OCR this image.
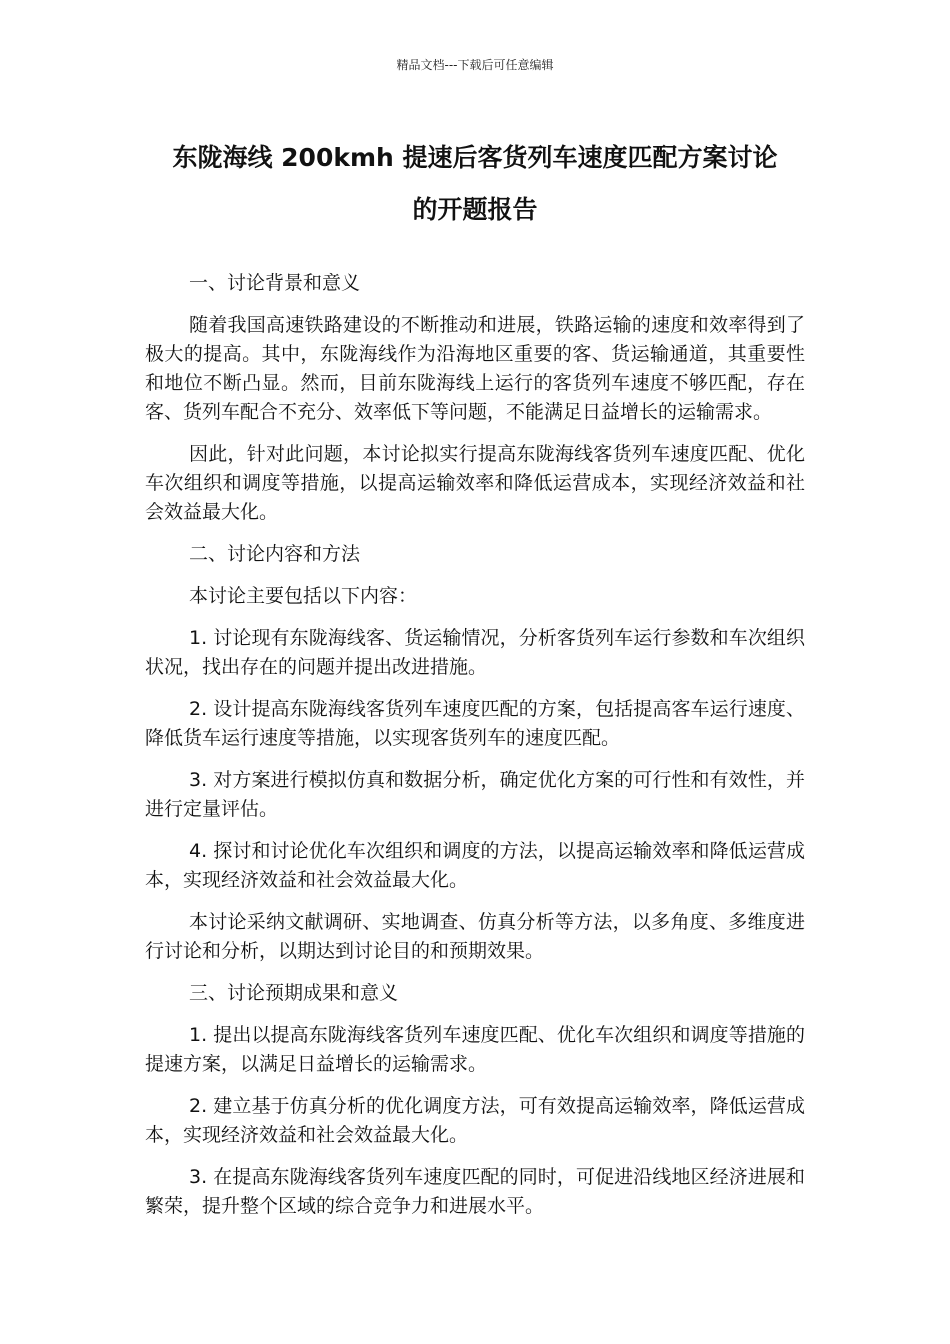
精品文档---下载后可任意编辑
东陇海线 200kmh 提速后客货列车速度匹配方案讨论
的开题报告

一、讨论背景和意义

随着我国高速铁路建设的不断推动和进展，铁路运输的速度和效率得到了极大的提高。其中，东陇海线作为沿海地区重要的客、货运输通道，其重要性和地位不断凸显。然而，目前东陇海线上运行的客货列车速度不够匹配，存在客、货列车配合不充分、效率低下等问题，不能满足日益增长的运输需求。

因此，针对此问题，本讨论拟实行提高东陇海线客货列车速度匹配、优化车次组织和调度等措施，以提高运输效率和降低运营成本，实现经济效益和社会效益最大化。

二、讨论内容和方法

本讨论主要包括以下内容：

1. 讨论现有东陇海线客、货运输情况，分析客货列车运行参数和车次组织状况，找出存在的问题并提出改进措施。

2. 设计提高东陇海线客货列车速度匹配的方案，包括提高客车运行速度、降低货车运行速度等措施，以实现客货列车的速度匹配。

3. 对方案进行模拟仿真和数据分析，确定优化方案的可行性和有效性，并进行定量评估。

4. 探讨和讨论优化车次组织和调度的方法，以提高运输效率和降低运营成本，实现经济效益和社会效益最大化。

本讨论采纳文献调研、实地调查、仿真分析等方法，以多角度、多维度进行讨论和分析，以期达到讨论目的和预期效果。

三、讨论预期成果和意义

1. 提出以提高东陇海线客货列车速度匹配、优化车次组织和调度等措施的提速方案，以满足日益增长的运输需求。

2. 建立基于仿真分析的优化调度方法，可有效提高运输效率，降低运营成本，实现经济效益和社会效益最大化。

3. 在提高东陇海线客货列车速度匹配的同时，可促进沿线地区经济进展和繁荣，提升整个区域的综合竞争力和进展水平。
